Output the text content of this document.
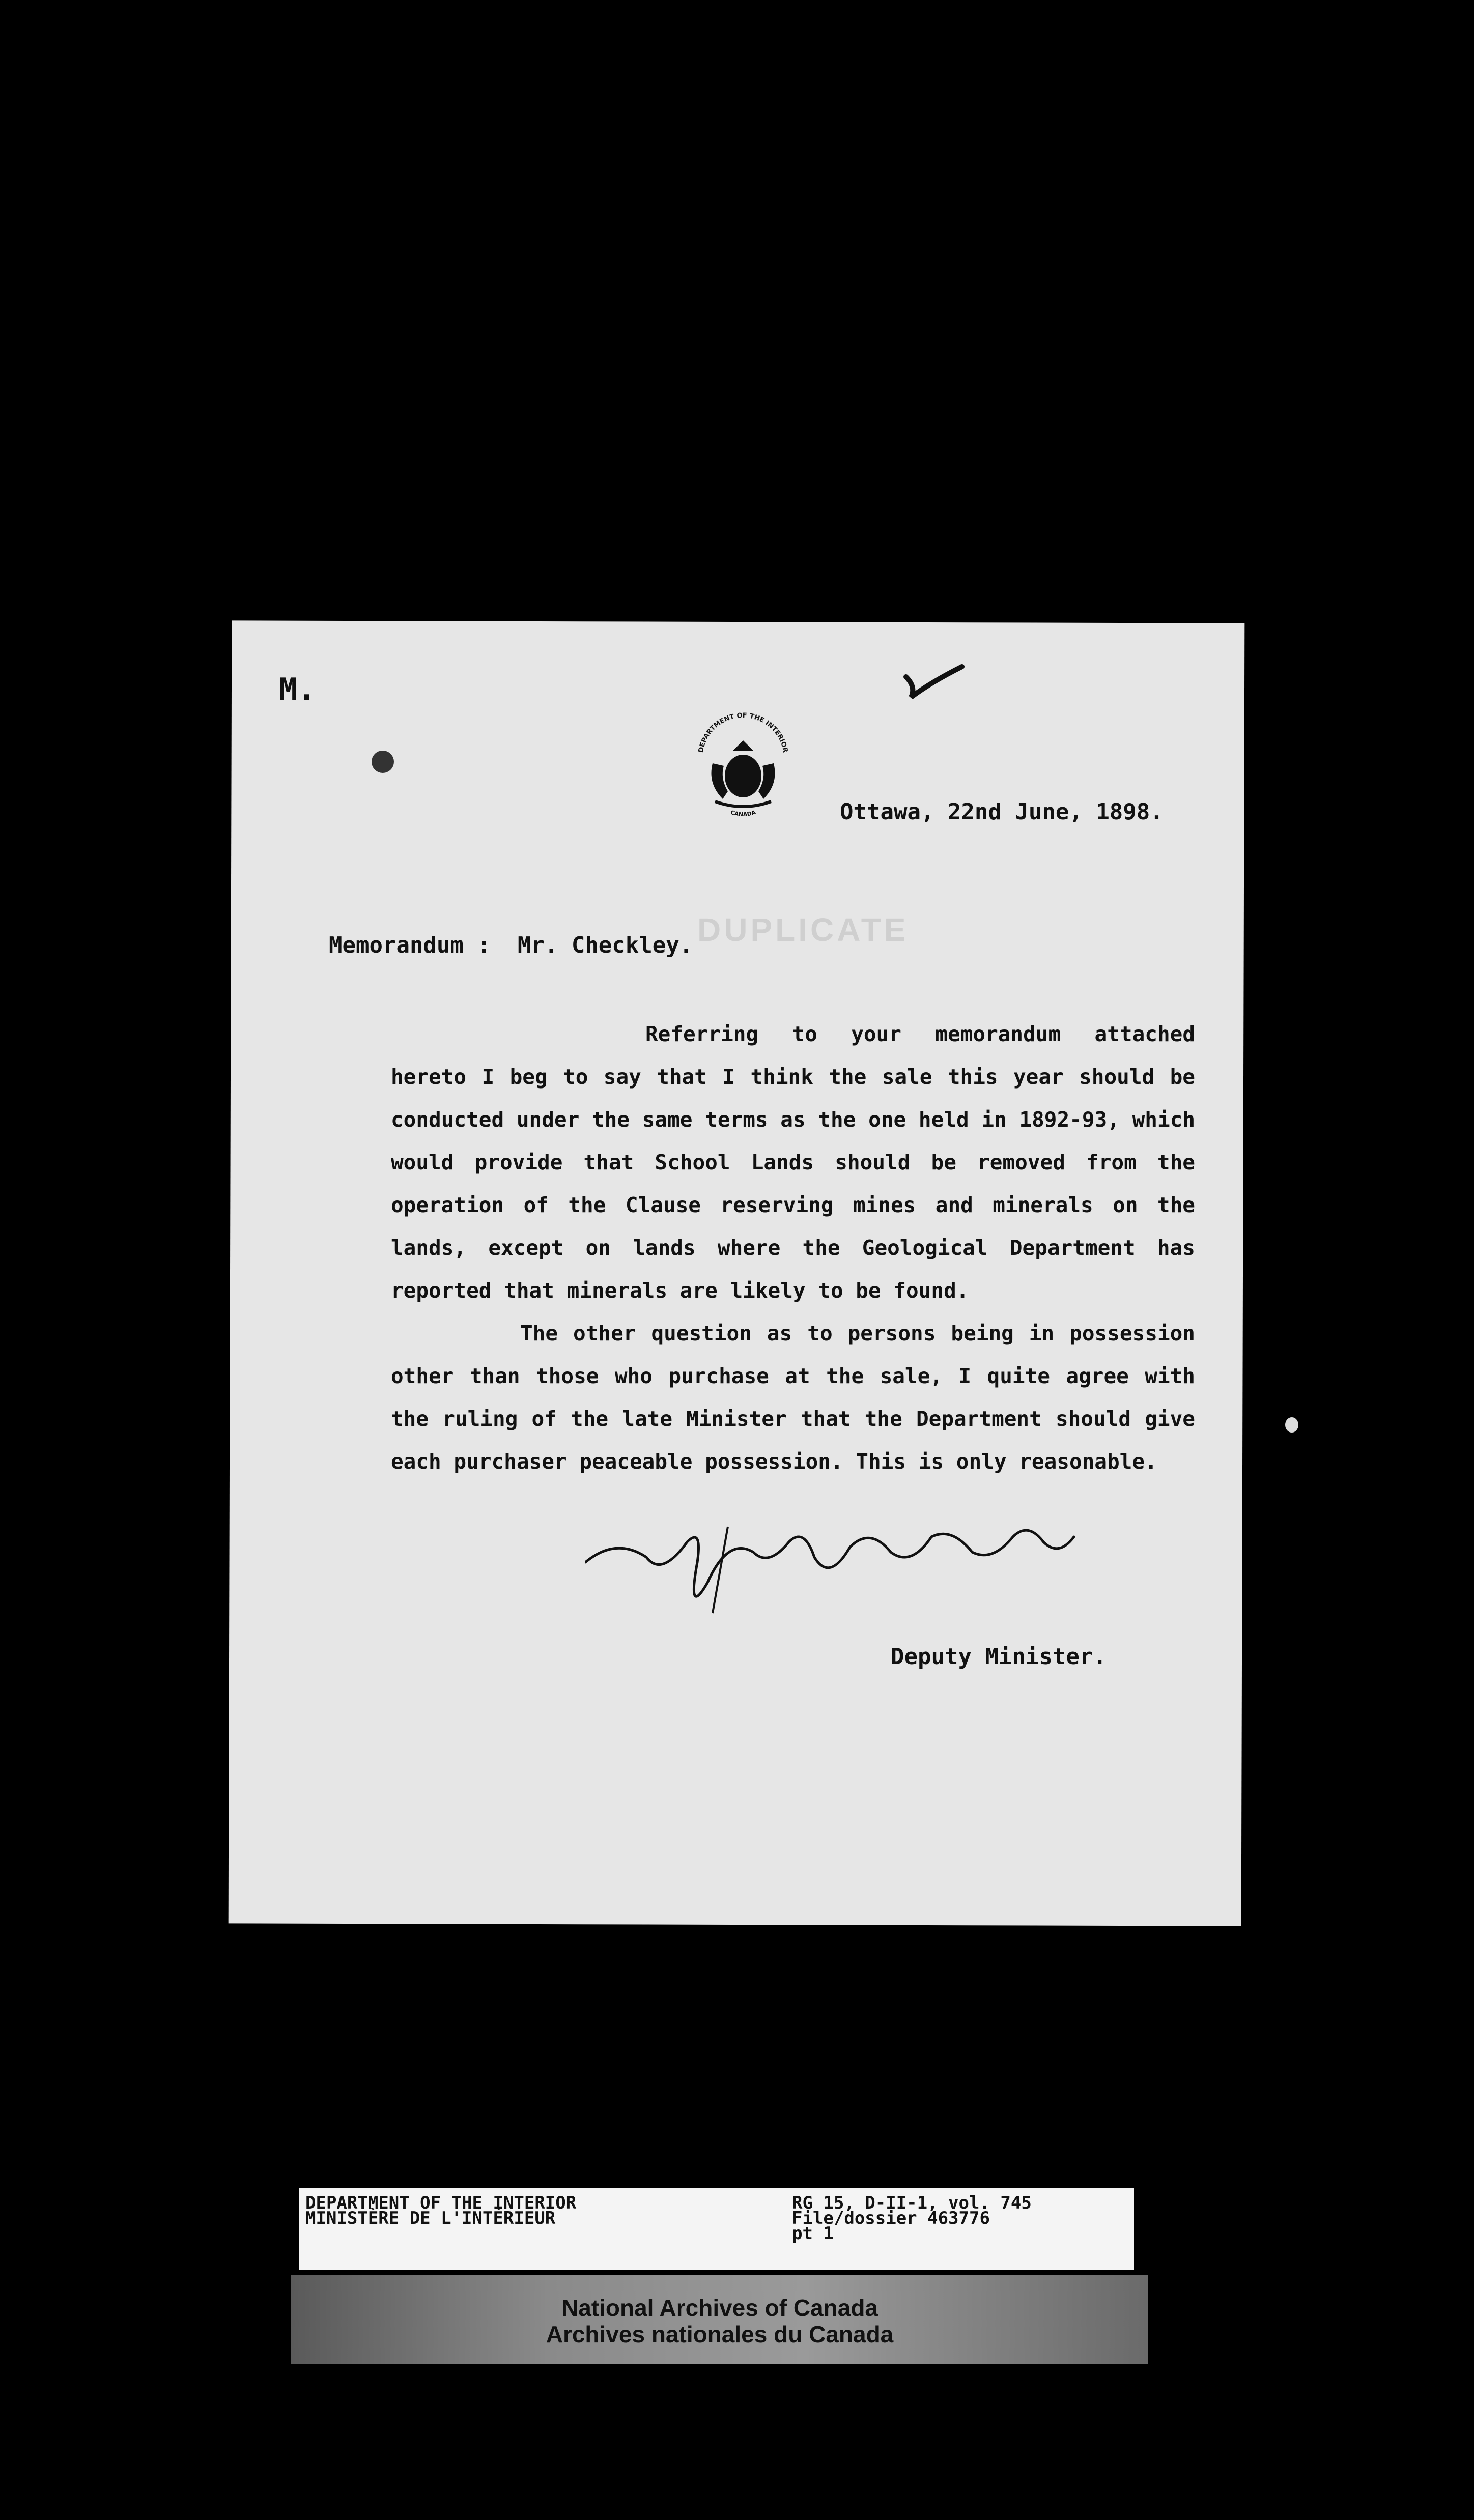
M.
DEPARTMENT OF THE INTERIOR
CANADA	Ottawa, 22nd June, 1898.
Memorandum :  Mr. Checkley. DUPLICATE

Referring to your memorandum attached hereto I beg to say that I think the sale this year should be conducted under the same terms as the one held in 1892-93, which would provide that School Lands should be removed from the operation of the Clause reserving mines and minerals on the lands, except on lands where the Geological Department has reported that minerals are likely to be found.

The other question as to persons being in possession other than those who purchase at the sale, I quite agree with the ruling of the late Minister that the Department should give each purchaser peaceable possession. This is only reasonable.

Deputy Minister.
DEPARTMENT OF THE INTERIOR
MINISTÈRE DE L'INTÉRIEUR
RG 15, D-II-1, vol. 745
File/dossier 463776
pt 1
National Archives of Canada
Archives nationales du Canada
